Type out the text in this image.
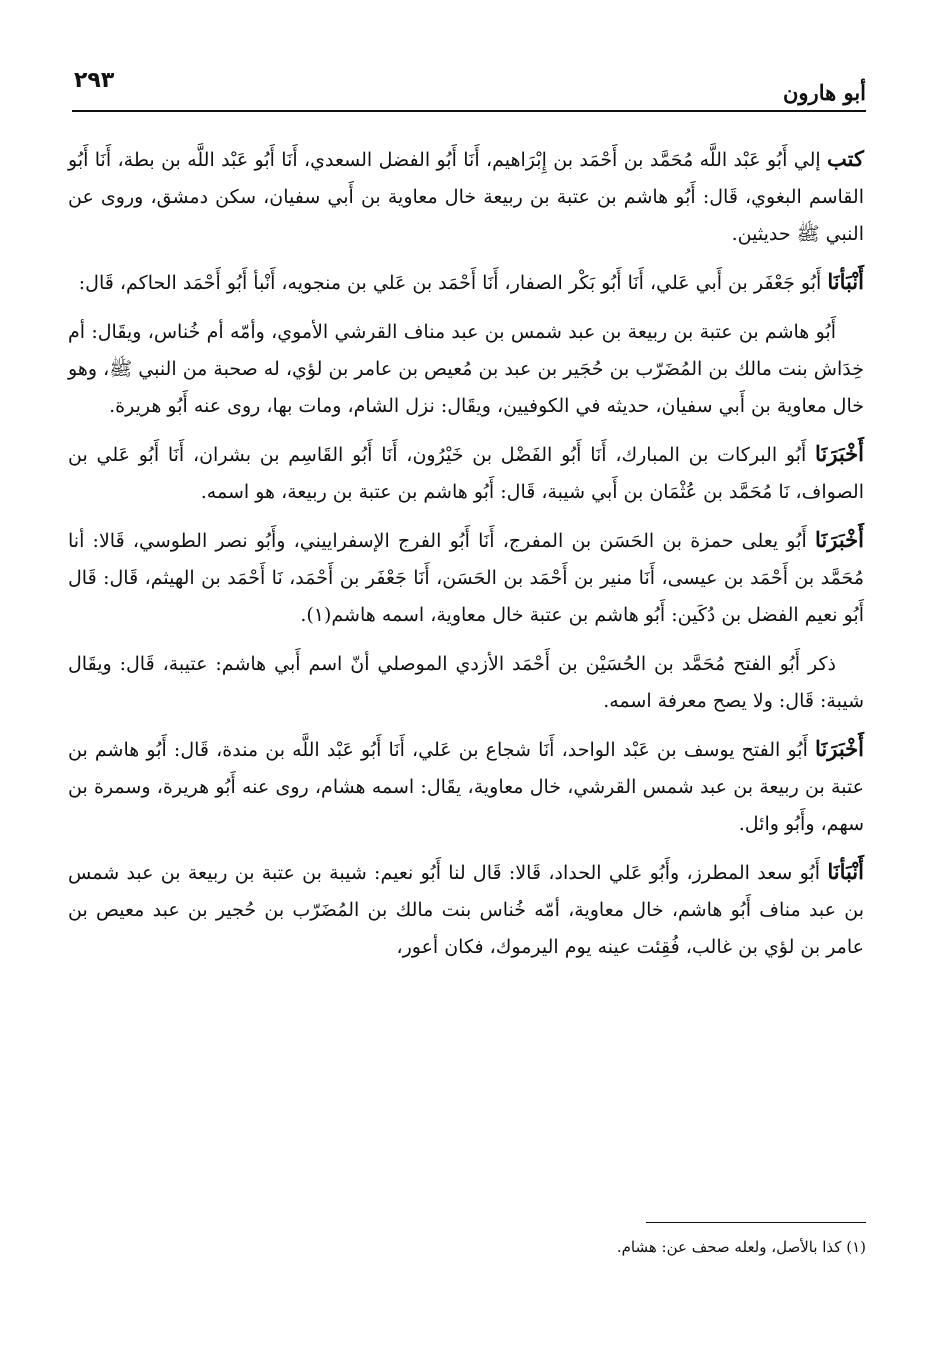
٢٩٣	أبو هارون

كتب إلي أَبُو عَبْد اللَّه مُحَمَّد بن أَحْمَد بن إِبْرَاهيم، أَنَا أَبُو الفضل السعدي، أَنَا أَبُو عَبْد اللَّه بن بطة، أَنَا أَبُو القاسم البغوي، قَال: أَبُو هاشم بن عتبة بن ربيعة خال معاوية بن أَبي سفيان، سكن دمشق، وروى عن النبي ﷺ حديثين.

أَنْبَأنَا أَبُو جَعْفَر بن أَبي عَلي، أَنَا أَبُو بَكْر الصفار، أَنَا أَحْمَد بن عَلي بن منجويه، أَنْبأ أَبُو أَحْمَد الحاكم، قَال:

أَبُو هاشم بن عتبة بن ربيعة بن عبد شمس بن عبد مناف القرشي الأموي، وأمّه أم خُناس، ويقَال: أم خِدَاش بنت مالك بن المُضَرّب بن حُجَير بن عبد بن مُعيص بن عامر بن لؤي، له صحبة من النبي ﷺ، وهو خال معاوية بن أَبي سفيان، حديثه في الكوفيين، ويقَال: نزل الشام، ومات بها، روى عنه أَبُو هريرة.

أَخْبَرَنَا أَبُو البركات بن المبارك، أَنَا أَبُو الفَضْل بن خَيْرُون، أَنَا أَبُو القَاسِم بن بشران، أَنَا أَبُو عَلي بن الصواف، نَا مُحَمَّد بن عُثْمَان بن أَبي شيبة، قَال: أَبُو هاشم بن عتبة بن ربيعة، هو اسمه.

أَخْبَرَنَا أَبُو يعلى حمزة بن الحَسَن بن المفرج، أَنَا أَبُو الفرج الإسفراييني، وأَبُو نصر الطوسي، قَالا: أنا مُحَمَّد بن أَحْمَد بن عيسى، أَنَا منير بن أَحْمَد بن الحَسَن، أَنَا جَعْفَر بن أَحْمَد، نَا أَحْمَد بن الهيثم، قَال: قَال أَبُو نعيم الفضل بن دُكَين: أَبُو هاشم بن عتبة خال معاوية، اسمه هاشم(١).

ذكر أَبُو الفتح مُحَمَّد بن الحُسَيْن بن أَحْمَد الأزدي الموصلي أنّ اسم أَبي هاشم: عتيبة، قَال: ويقَال شيبة: قَال: ولا يصح معرفة اسمه.

أَخْبَرَنَا أَبُو الفتح يوسف بن عَبْد الواحد، أَنَا شجاع بن عَلي، أَنَا أَبُو عَبْد اللَّه بن مندة، قَال: أَبُو هاشم بن عتبة بن ربيعة بن عبد شمس القرشي، خال معاوية، يقَال: اسمه هشام، روى عنه أَبُو هريرة، وسمرة بن سهم، وأَبُو وائل.

أَنْبَأنَا أَبُو سعد المطرز، وأَبُو عَلي الحداد، قَالا: قَال لنا أَبُو نعيم: شيبة بن عتبة بن ربيعة بن عبد شمس بن عبد مناف أَبُو هاشم، خال معاوية، أمّه خُناس بنت مالك بن المُضَرّب بن حُجير بن عبد معيص بن عامر بن لؤي بن غالب، فُقِئت عينه يوم اليرموك، فكان أعور،

(١) كذا بالأصل، ولعله صحف عن: هشام.
